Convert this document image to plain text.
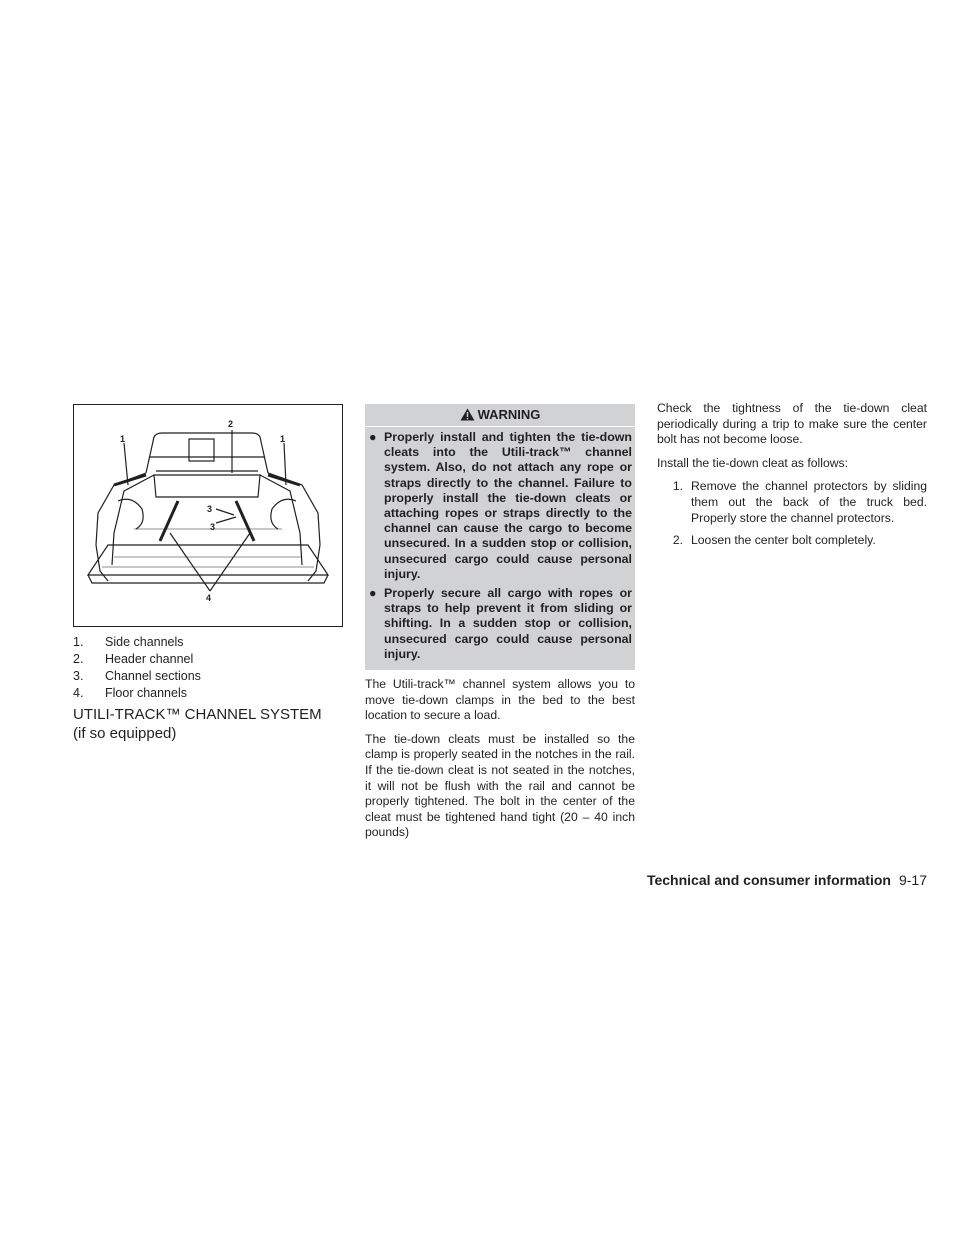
1
2
1
3
3
4
1.	Side channels
2.	Header channel
3.	Channel sections
4.	Floor channels
UTILI-TRACK™ CHANNEL SYSTEM
(if so equipped)
WARNING
● Properly install and tighten the tie-down cleats into the Utili-track™ channel system. Also, do not attach any rope or straps directly to the channel. Failure to properly install the tie-down cleats or attaching ropes or straps directly to the channel can cause the cargo to become unsecured. In a sudden stop or collision, unsecured cargo could cause personal injury.
● Properly secure all cargo with ropes or straps to help prevent it from sliding or shifting. In a sudden stop or collision, unsecured cargo could cause personal injury.

The Utili-track™ channel system allows you to move tie-down clamps in the bed to the best location to secure a load.

The tie-down cleats must be installed so the clamp is properly seated in the notches in the rail. If the tie-down cleat is not seated in the notches, it will not be flush with the rail and cannot be properly tightened. The bolt in the center of the cleat must be tightened hand tight (20 – 40 inch pounds)

Check the tightness of the tie-down cleat periodically during a trip to make sure the center bolt has not become loose.

Install the tie-down cleat as follows:

1. Remove the channel protectors by sliding them out the back of the truck bed. Properly store the channel protectors.
2. Loosen the center bolt completely.
Technical and consumer information 9-17
